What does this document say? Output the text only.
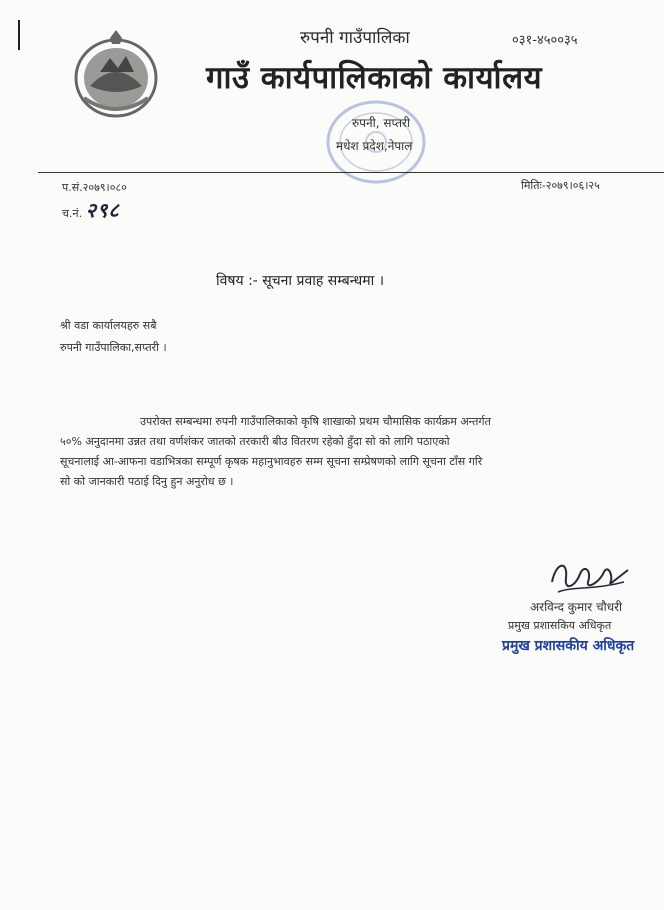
रुपनी गाउँपालिका	०३१-४५००३५
गाउँ कार्यपालिकाको कार्यालय
रुपनी, सप्तरी
मधेश प्रदेश,नेपाल
प.सं.२०७९।०८०
च.नं. २९८
मितिः-२०७९।०६।२५
विषय :- सूचना प्रवाह सम्बन्धमा ।
श्री वडा कार्यालयहरु सबै
रुपनी गाउँपालिका,सप्तरी ।
उपरोक्त सम्बन्धमा रुपनी गाउँपालिकाको कृषि शाखाको प्रथम चौमासिक कार्यक्रम अन्तर्गत
५०% अनुदानमा उन्नत तथा वर्णशंकर जातको तरकारी बीउ वितरण रहेको हुँदा सो को लागि पठाएको
सूचनालाई आ-आफना वडाभित्रका सम्पूर्ण कृषक महानुभावहरु सम्म सूचना सम्प्रेषणको लागि सूचना टाँस गरि
सो को जानकारी पठाई दिनु हुन अनुरोध छ ।
अरविन्द कुमार चौधरी
प्रमुख प्रशासकिय अधिकृत
प्रमुख प्रशासकीय अधिकृत
